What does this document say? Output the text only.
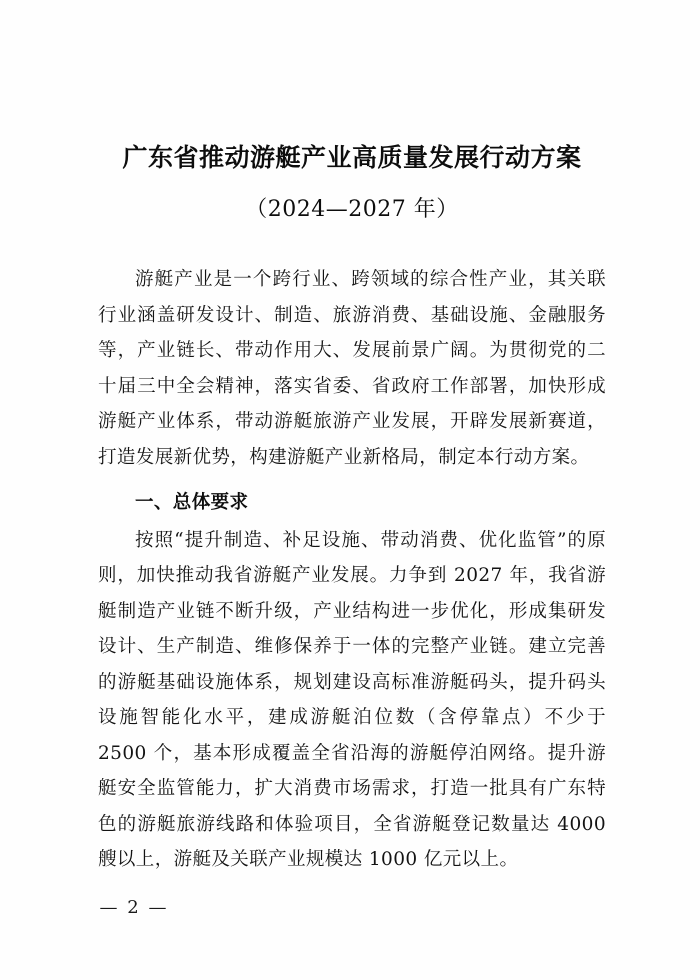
广东省推动游艇产业高质量发展行动方案
（2024—2027 年）

游艇产业是一个跨行业、跨领域的综合性产业，其关联行业涵盖研发设计、制造、旅游消费、基础设施、金融服务等，产业链长、带动作用大、发展前景广阔。为贯彻党的二十届三中全会精神，落实省委、省政府工作部署，加快形成游艇产业体系，带动游艇旅游产业发展，开辟发展新赛道，打造发展新优势，构建游艇产业新格局，制定本行动方案。

一、总体要求

按照“提升制造、补足设施、带动消费、优化监管”的原则，加快推动我省游艇产业发展。力争到 2027 年，我省游艇制造产业链不断升级，产业结构进一步优化，形成集研发设计、生产制造、维修保养于一体的完整产业链。建立完善的游艇基础设施体系，规划建设高标准游艇码头，提升码头设施智能化水平，建成游艇泊位数（含停靠点）不少于 2500 个，基本形成覆盖全省沿海的游艇停泊网络。提升游艇安全监管能力，扩大消费市场需求，打造一批具有广东特色的游艇旅游线路和体验项目，全省游艇登记数量达 4000 艘以上，游艇及关联产业规模达 1000 亿元以上。

— 2 —
